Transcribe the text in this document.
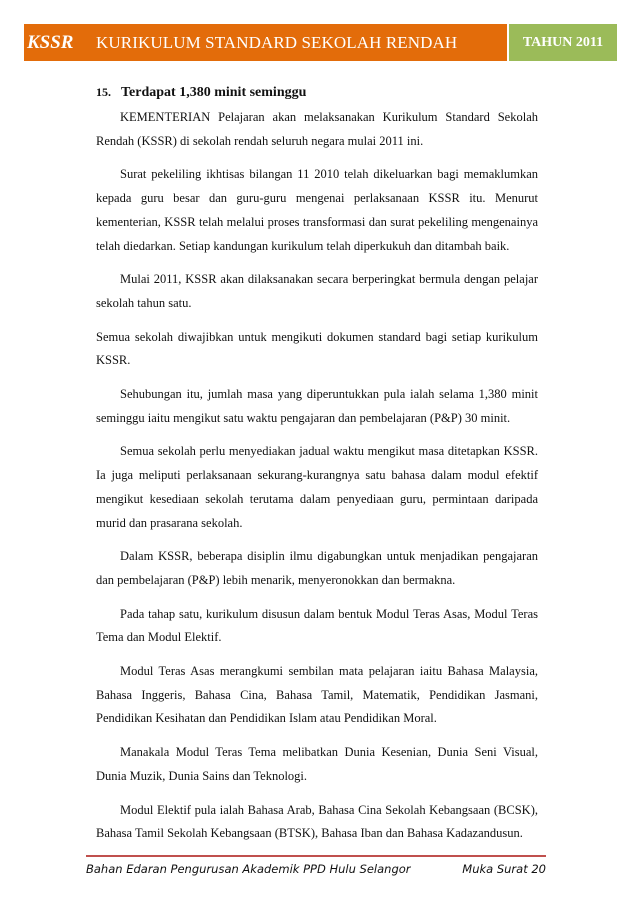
KSSR	KURIKULUM STANDARD SEKOLAH RENDAH	TAHUN 2011
15. Terdapat 1,380 minit seminggu

KEMENTERIAN Pelajaran akan melaksanakan Kurikulum Standard Sekolah Rendah (KSSR) di sekolah rendah seluruh negara mulai 2011 ini.

Surat pekeliling ikhtisas bilangan 11 2010 telah dikeluarkan bagi memaklumkan kepada guru besar dan guru-guru mengenai perlaksanaan KSSR itu. Menurut kementerian, KSSR telah melalui proses transformasi dan surat pekeliling mengenainya telah diedarkan. Setiap kandungan kurikulum telah diperkukuh dan ditambah baik.

Mulai 2011, KSSR akan dilaksanakan secara berperingkat bermula dengan pelajar sekolah tahun satu.

Semua sekolah diwajibkan untuk mengikuti dokumen standard bagi setiap kurikulum KSSR.

Sehubungan itu, jumlah masa yang diperuntukkan pula ialah selama 1,380 minit seminggu iaitu mengikut satu waktu pengajaran dan pembelajaran (P&P) 30 minit.

Semua sekolah perlu menyediakan jadual waktu mengikut masa ditetapkan KSSR. Ia juga meliputi perlaksanaan sekurang-kurangnya satu bahasa dalam modul efektif mengikut kesediaan sekolah terutama dalam penyediaan guru, permintaan daripada murid dan prasarana sekolah.

Dalam KSSR, beberapa disiplin ilmu digabungkan untuk menjadikan pengajaran dan pembelajaran (P&P) lebih menarik, menyeronokkan dan bermakna.

Pada tahap satu, kurikulum disusun dalam bentuk Modul Teras Asas, Modul Teras Tema dan Modul Elektif.

Modul Teras Asas merangkumi sembilan mata pelajaran iaitu Bahasa Malaysia, Bahasa Inggeris, Bahasa Cina, Bahasa Tamil, Matematik, Pendidikan Jasmani, Pendidikan Kesihatan dan Pendidikan Islam atau Pendidikan Moral.

Manakala Modul Teras Tema melibatkan Dunia Kesenian, Dunia Seni Visual, Dunia Muzik, Dunia Sains dan Teknologi.

Modul Elektif pula ialah Bahasa Arab, Bahasa Cina Sekolah Kebangsaan (BCSK), Bahasa Tamil Sekolah Kebangsaan (BTSK), Bahasa Iban dan Bahasa Kadazandusun.

Bahan Edaran Pengurusan Akademik PPD Hulu Selangor	Muka Surat 20
